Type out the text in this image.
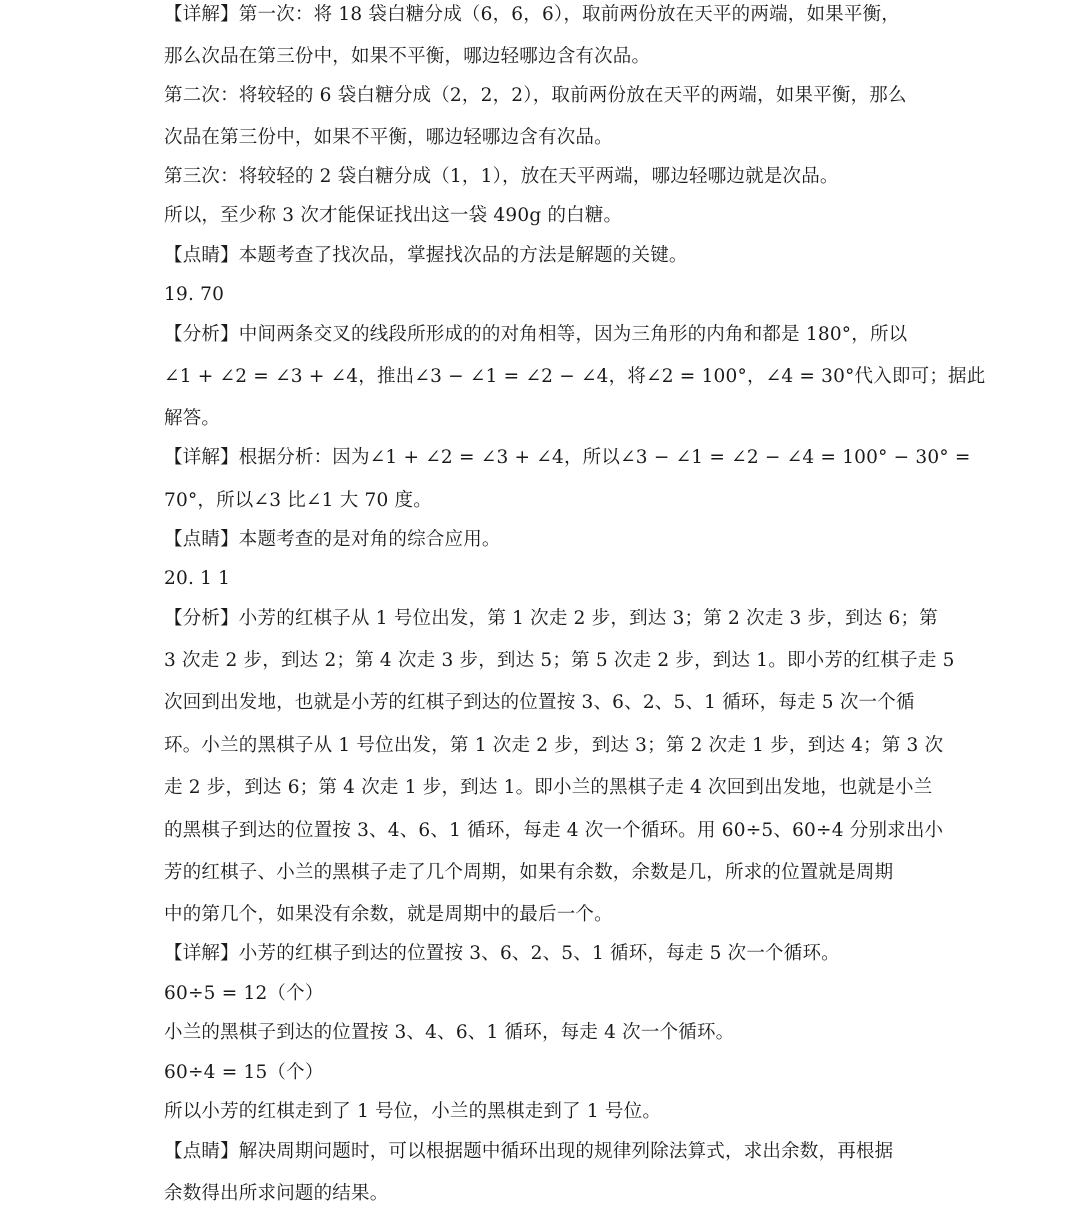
【详解】第一次：将 18 袋白糖分成（6，6，6），取前两份放在天平的两端，如果平衡，
那么次品在第三份中，如果不平衡，哪边轻哪边含有次品。
第二次：将较轻的 6 袋白糖分成（2，2，2），取前两份放在天平的两端，如果平衡，那么
次品在第三份中，如果不平衡，哪边轻哪边含有次品。
第三次：将较轻的 2 袋白糖分成（1，1），放在天平两端，哪边轻哪边就是次品。
所以，至少称 3 次才能保证找出这一袋 490g 的白糖。
【点睛】本题考查了找次品，掌握找次品的方法是解题的关键。
19. 70
【分析】中间两条交叉的线段所形成的的对角相等，因为三角形的内角和都是 180°，所以
∠1 + ∠2 = ∠3 + ∠4，推出∠3 − ∠1 = ∠2 − ∠4，将∠2 = 100°，∠4 = 30°代入即可；据此
解答。
【详解】根据分析：因为∠1 + ∠2 = ∠3 + ∠4，所以∠3 − ∠1 = ∠2 − ∠4 = 100° − 30° =
70°，所以∠3 比∠1 大 70 度。
【点睛】本题考查的是对角的综合应用。
20. 1 1
【分析】小芳的红棋子从 1 号位出发，第 1 次走 2 步，到达 3；第 2 次走 3 步，到达 6；第
3 次走 2 步，到达 2；第 4 次走 3 步，到达 5；第 5 次走 2 步，到达 1。即小芳的红棋子走 5
次回到出发地，也就是小芳的红棋子到达的位置按 3、6、2、5、1 循环，每走 5 次一个循
环。小兰的黑棋子从 1 号位出发，第 1 次走 2 步，到达 3；第 2 次走 1 步，到达 4；第 3 次
走 2 步，到达 6；第 4 次走 1 步，到达 1。即小兰的黑棋子走 4 次回到出发地，也就是小兰
的黑棋子到达的位置按 3、4、6、1 循环，每走 4 次一个循环。用 60÷5、60÷4 分别求出小
芳的红棋子、小兰的黑棋子走了几个周期，如果有余数，余数是几，所求的位置就是周期
中的第几个，如果没有余数，就是周期中的最后一个。
【详解】小芳的红棋子到达的位置按 3、6、2、5、1 循环，每走 5 次一个循环。
60÷5 = 12（个）
小兰的黑棋子到达的位置按 3、4、6、1 循环，每走 4 次一个循环。
60÷4 = 15（个）
所以小芳的红棋走到了 1 号位，小兰的黑棋走到了 1 号位。
【点睛】解决周期问题时，可以根据题中循环出现的规律列除法算式，求出余数，再根据
余数得出所求问题的结果。
